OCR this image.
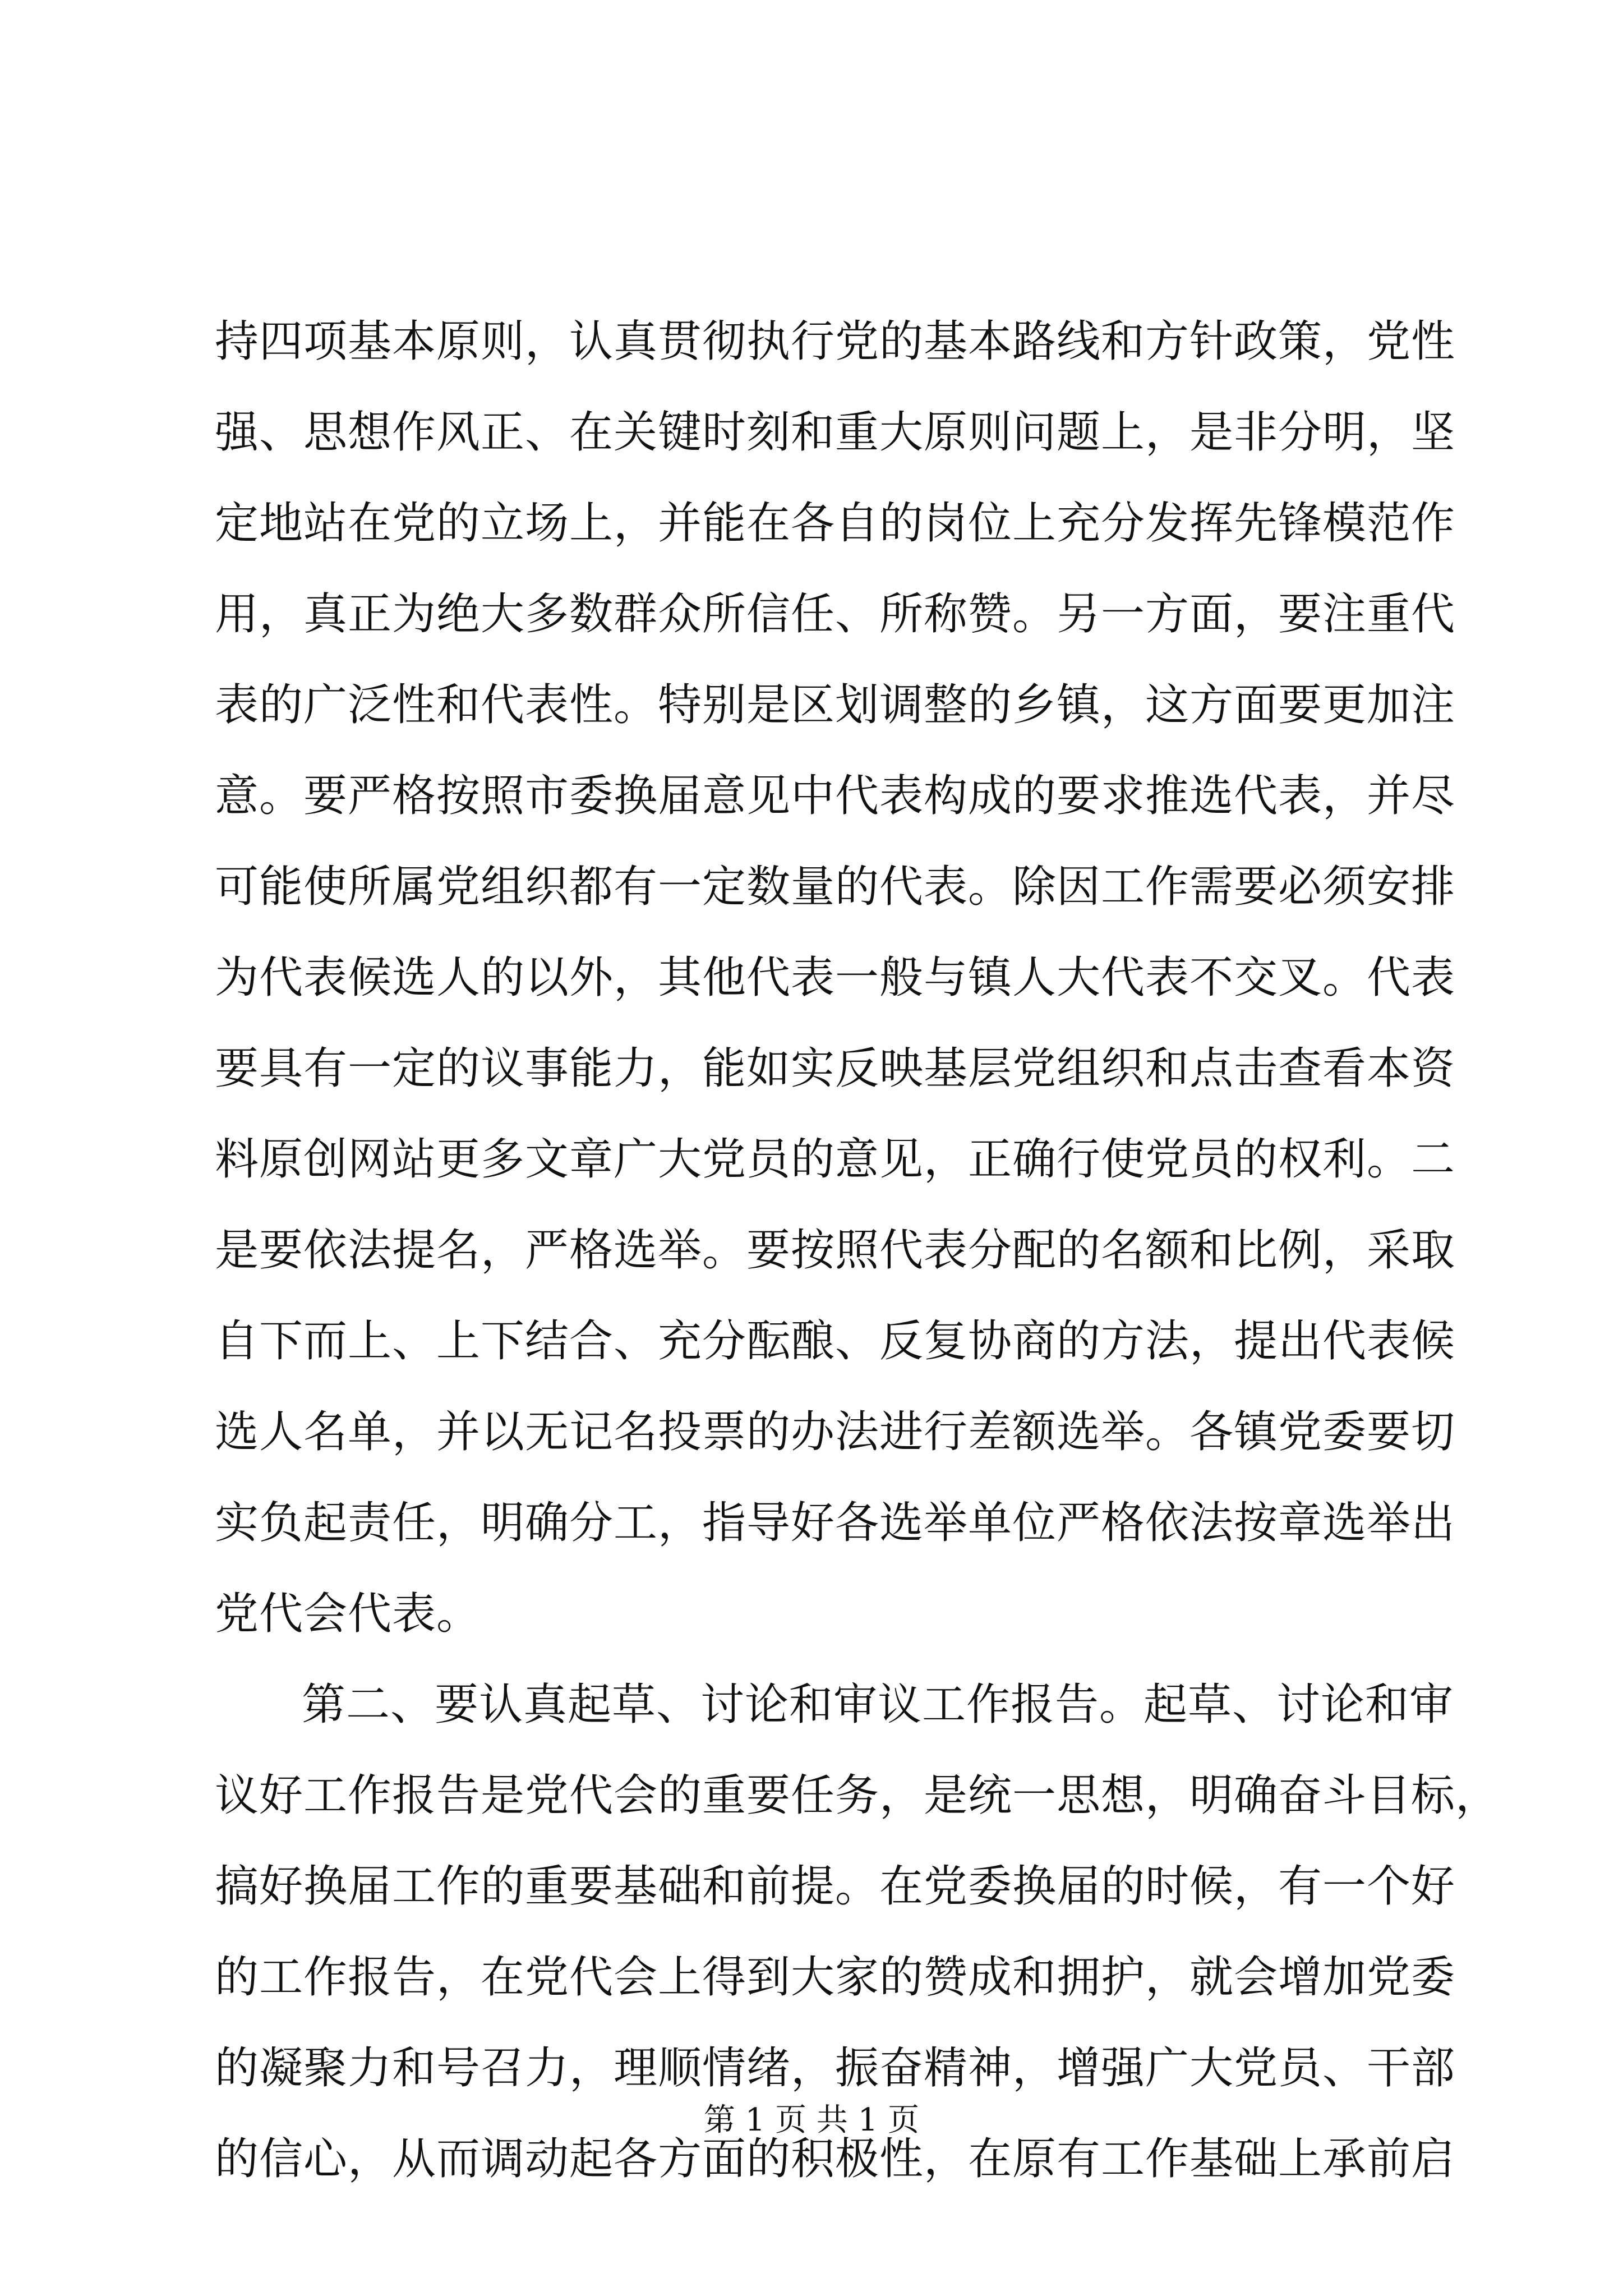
持四项基本原则，认真贯彻执行党的基本路线和方针政策，党性
强、思想作风正、在关键时刻和重大原则问题上，是非分明，坚
定地站在党的立场上，并能在各自的岗位上充分发挥先锋模范作
用，真正为绝大多数群众所信任、所称赞。另一方面，要注重代
表的广泛性和代表性。特别是区划调整的乡镇，这方面要更加注
意。要严格按照市委换届意见中代表构成的要求推选代表，并尽
可能使所属党组织都有一定数量的代表。除因工作需要必须安排
为代表候选人的以外，其他代表一般与镇人大代表不交叉。代表
要具有一定的议事能力，能如实反映基层党组织和点击查看本资
料原创网站更多文章广大党员的意见，正确行使党员的权利。二
是要依法提名，严格选举。要按照代表分配的名额和比例，采取
自下而上、上下结合、充分酝酿、反复协商的方法，提出代表候
选人名单，并以无记名投票的办法进行差额选举。各镇党委要切
实负起责任，明确分工，指导好各选举单位严格依法按章选举出
党代会代表。
第二、要认真起草、讨论和审议工作报告。起草、讨论和审
议好工作报告是党代会的重要任务，是统一思想，明确奋斗目标，
搞好换届工作的重要基础和前提。在党委换届的时候，有一个好
的工作报告，在党代会上得到大家的赞成和拥护，就会增加党委
的凝聚力和号召力，理顺情绪，振奋精神，增强广大党员、干部
的信心，从而调动起各方面的积极性，在原有工作基础上承前启
第 1 页 共 1 页
